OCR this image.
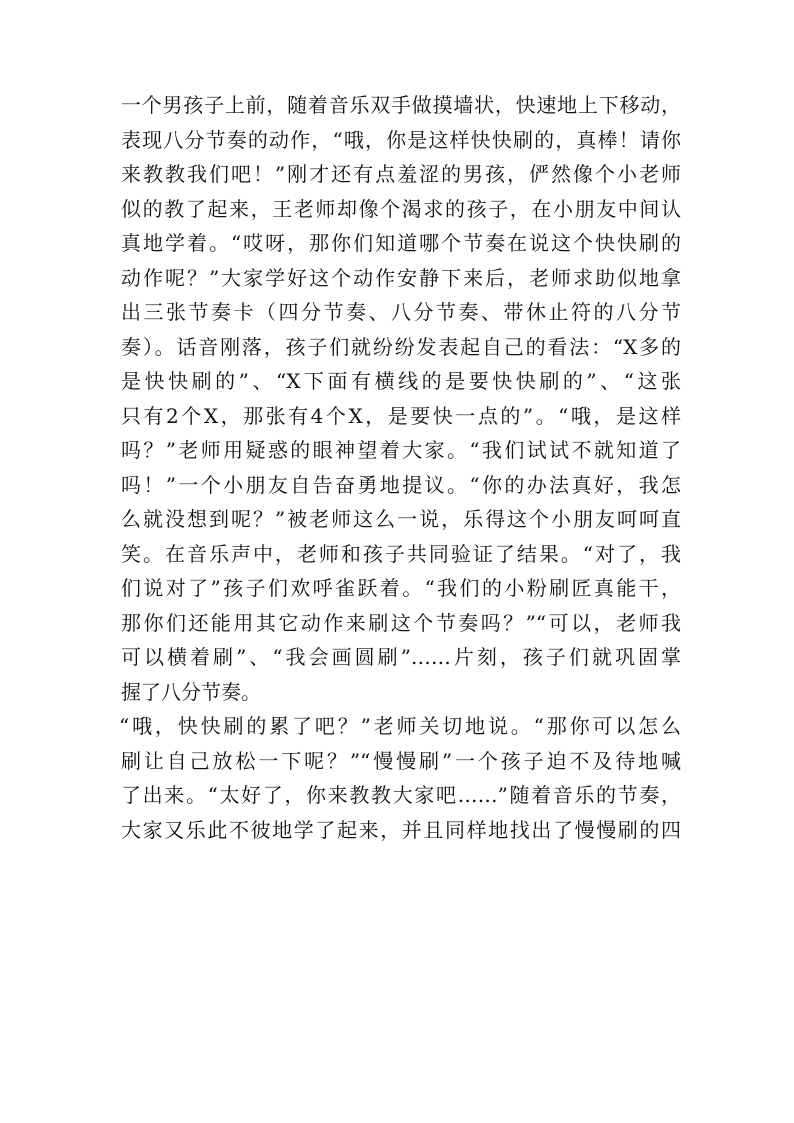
一个男孩子上前，随着音乐双手做摸墙状，快速地上下移动，
表现八分节奏的动作，“哦，你是这样快快刷的，真棒！请你
来教教我们吧！”刚才还有点羞涩的男孩，俨然像个小老师
似的教了起来，王老师却像个渴求的孩子，在小朋友中间认
真地学着。“哎呀，那你们知道哪个节奏在说这个快快刷的
动作呢？”大家学好这个动作安静下来后，老师求助似地拿
出三张节奏卡（四分节奏、八分节奏、带休止符的八分节
奏）。话音刚落，孩子们就纷纷发表起自己的看法：“X多的
是快快刷的”、“X下面有横线的是要快快刷的”、“这张
只有2个X，那张有4个X，是要快一点的”。“哦，是这样
吗？”老师用疑惑的眼神望着大家。“我们试试不就知道了
吗！”一个小朋友自告奋勇地提议。“你的办法真好，我怎
么就没想到呢？”被老师这么一说，乐得这个小朋友呵呵直
笑。在音乐声中，老师和孩子共同验证了结果。“对了，我
们说对了”孩子们欢呼雀跃着。“我们的小粉刷匠真能干，
那你们还能用其它动作来刷这个节奏吗？”“可以，老师我
可以横着刷”、“我会画圆刷”……片刻，孩子们就巩固掌
握了八分节奏。
“哦，快快刷的累了吧？”老师关切地说。“那你可以怎么
刷让自己放松一下呢？”“慢慢刷”一个孩子迫不及待地喊
了出来。“太好了，你来教教大家吧……”随着音乐的节奏，
大家又乐此不彼地学了起来，并且同样地找出了慢慢刷的四
